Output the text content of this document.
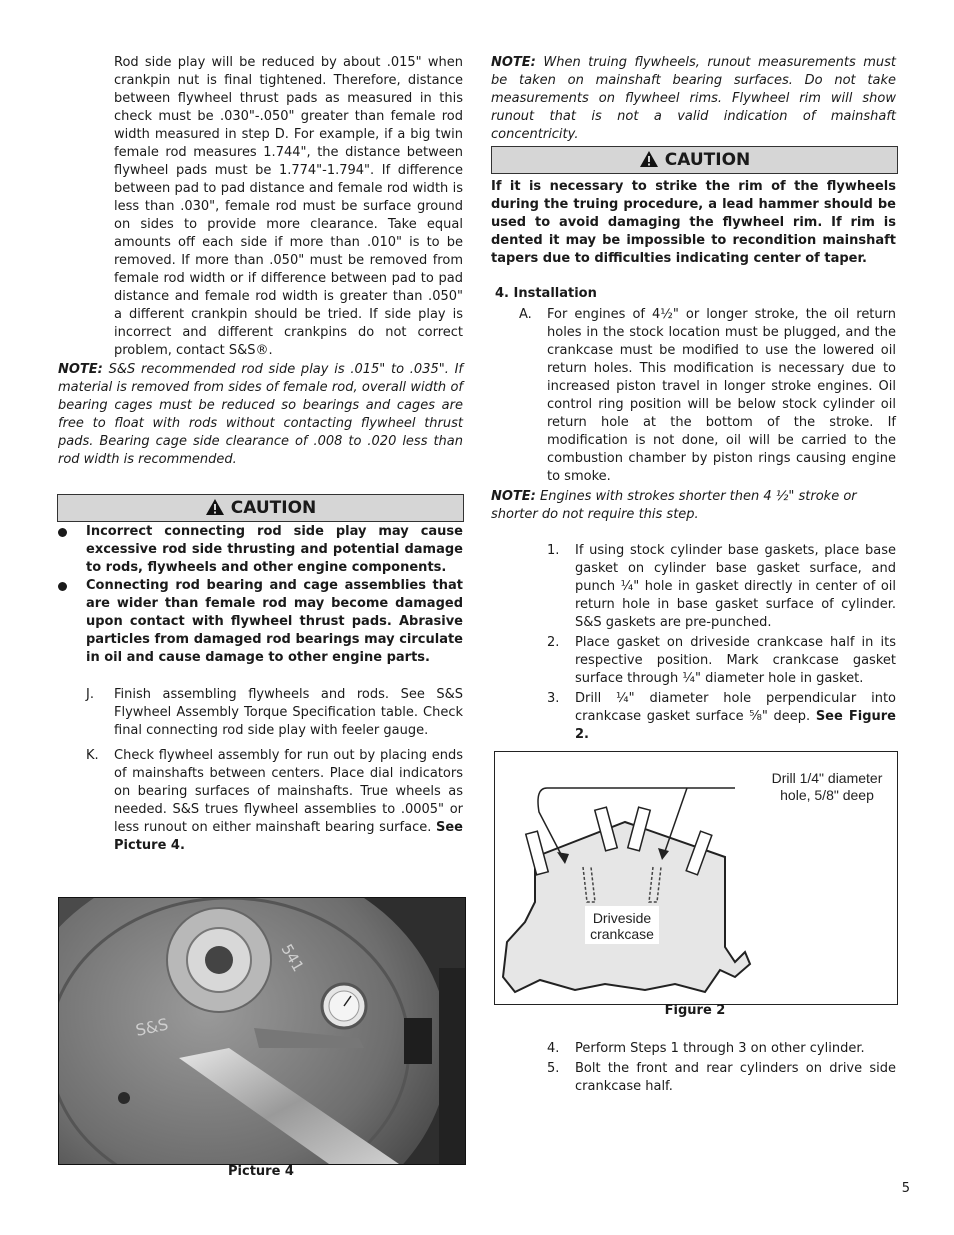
Rod side play will be reduced by about .015" when crankpin nut is final tightened. Therefore, distance between flywheel thrust pads as measured in this check must be .030"-.050" greater than female rod width measured in step D. For example, if a big twin female rod measures 1.744", the distance between flywheel pads must be 1.774"-1.794". If difference between pad to pad distance and female rod width is less than .030", female rod must be surface ground on sides to provide more clearance. Take equal amounts off each side if more than .010" is to be removed. If more than .050" must be removed from female rod width or if difference between pad to pad distance and female rod width is greater than .050" a different crankpin should be tried. If side play is incorrect and different crankpins do not correct problem, contact S&S®.
NOTE: S&S recommended rod side play is .015" to .035". If material is removed from sides of female rod, overall width of bearing cages must be reduced so bearings and cages are free to float with rods without contacting flywheel thrust pads. Bearing cage side clearance of .008 to .020 less than rod width is recommended.
CAUTION
Incorrect connecting rod side play may cause excessive rod side thrusting and potential damage to rods, flywheels and other engine components.
Connecting rod bearing and cage assemblies that are wider than female rod may become damaged upon contact with flywheel thrust pads. Abrasive particles from damaged rod bearings may circulate in oil and cause damage to other engine parts.
J. Finish assembling flywheels and rods. See S&S Flywheel Assembly Torque Specification table. Check final connecting rod side play with feeler gauge.
K. Check flywheel assembly for run out by placing ends of mainshafts between centers. Place dial indicators on bearing surfaces of mainshafts. True wheels as needed. S&S trues flywheel assemblies to .0005" or less runout on either mainshaft bearing surface. See Picture 4.
S&S
541
Picture 4
NOTE: When truing flywheels, runout measurements must be taken on mainshaft bearing surfaces. Do not take measurements on flywheel rims. Flywheel rim will show runout that is not a valid indication of mainshaft concentricity.
CAUTION
If it is necessary to strike the rim of the flywheels during the truing procedure, a lead hammer should be used to avoid damaging the flywheel rim. If rim is dented it may be impossible to recondition mainshaft tapers due to difficulties indicating center of taper.
4. Installation
A. For engines of 4½" or longer stroke, the oil return holes in the stock location must be plugged, and the crankcase must be modified to use the lowered oil return holes. This modification is necessary due to increased piston travel in longer stroke engines. Oil control ring position will be below stock cylinder oil return hole at the bottom of the stroke. If modification is not done, oil will be carried to the combustion chamber by piston rings causing engine to smoke.
NOTE: Engines with strokes shorter then 4 ½" stroke or shorter do not require this step.
1. If using stock cylinder base gaskets, place base gasket on cylinder base gasket surface, and punch ¼" hole in gasket directly in center of oil return hole in base gasket surface of cylinder. S&S gaskets are pre-punched.
2. Place gasket on driveside crankcase half in its respective position. Mark crankcase gasket surface through ¼" diameter hole in gasket.
3. Drill ¼" diameter hole perpendicular into crankcase gasket surface ⅝" deep. See Figure 2.
Drill 1/4" diameter
hole, 5/8" deep
Driveside
crankcase
Figure 2
4. Perform Steps 1 through 3 on other cylinder.
5. Bolt the front and rear cylinders on drive side crankcase half.
5
